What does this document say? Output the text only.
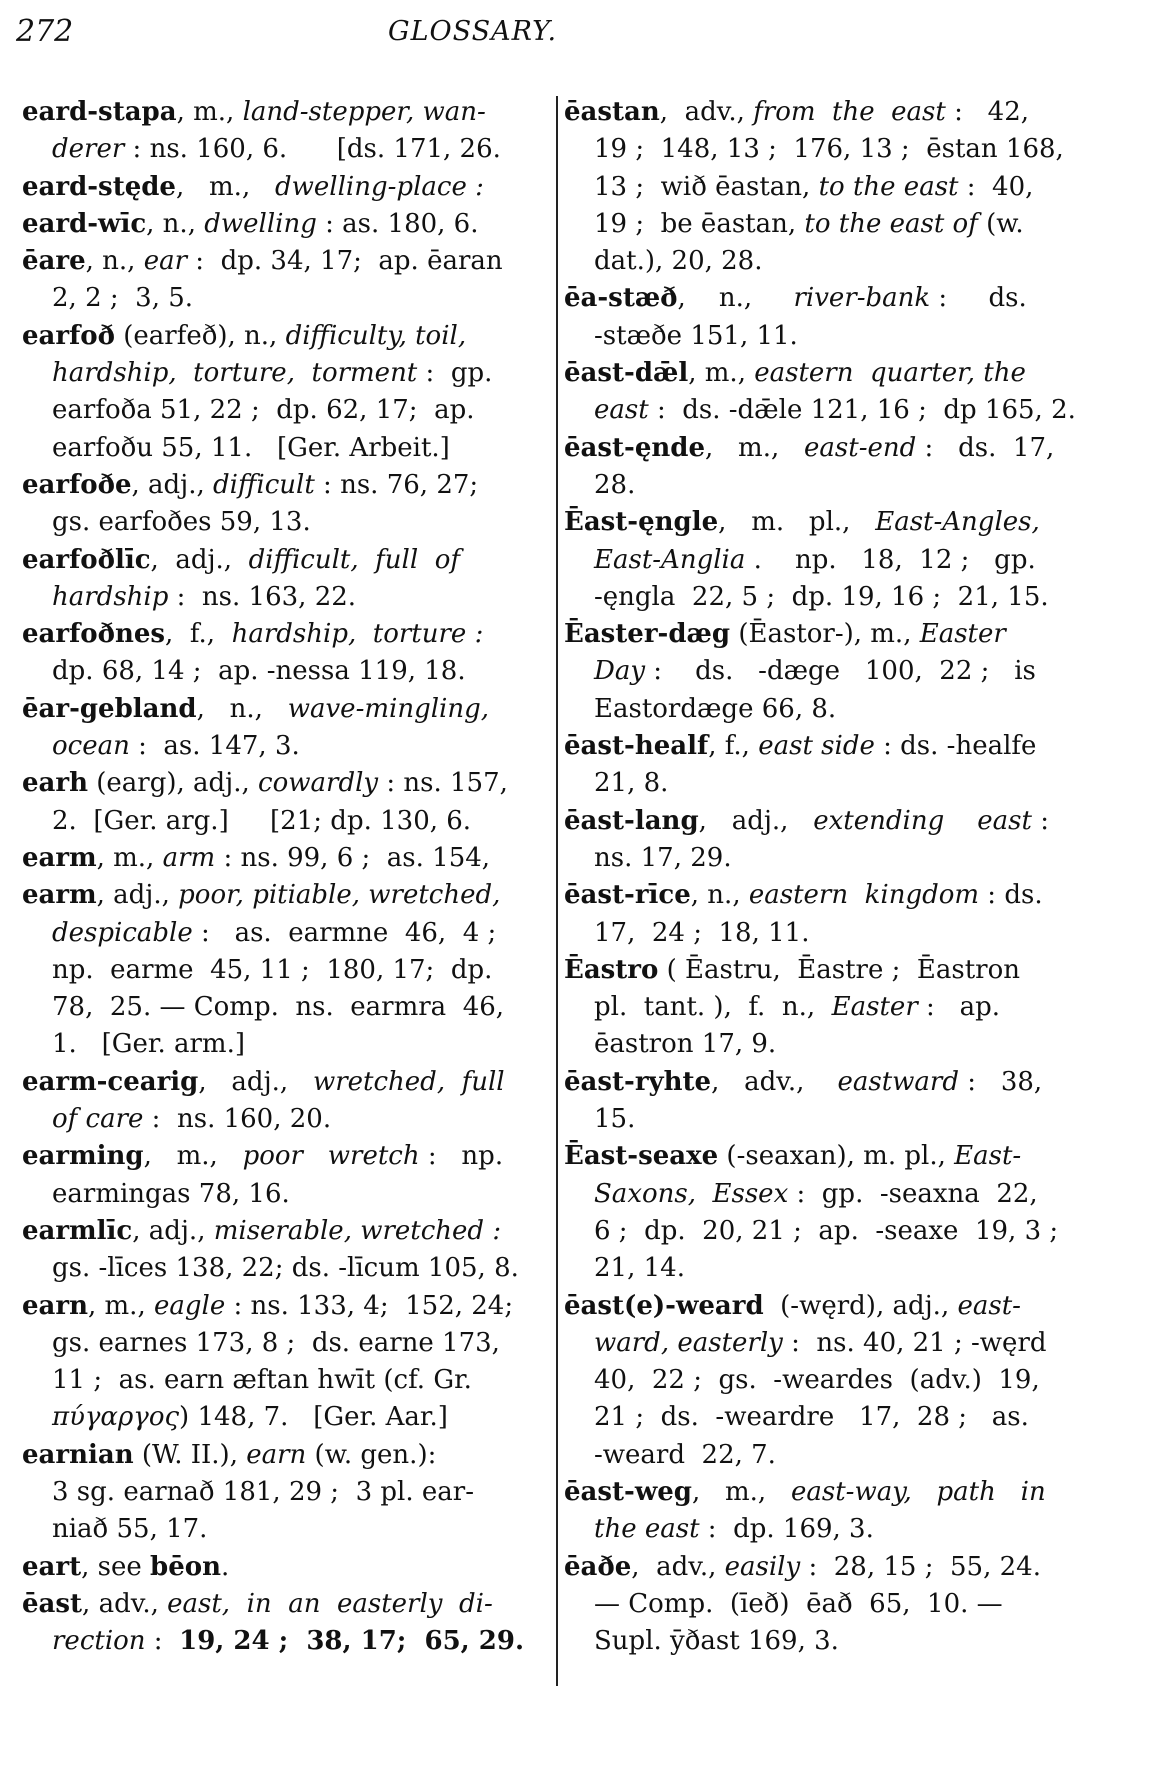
272	GLOSSARY.
eard-stapa, m., land-stepper, wan-
derer : ns. 160, 6.      [ds. 171, 26.
eard-stęde,   m.,   dwelling-place :
eard-wīc, n., dwelling : as. 180, 6.
ēare, n., ear :  dp. 34, 17;  ap. ēaran
2, 2 ;  3, 5.
earfoð (earfeð), n., difficulty, toil,
hardship,  torture,  torment :  gp.
earfoða 51, 22 ;  dp. 62, 17;  ap.
earfoðu 55, 11.   [Ger. Arbeit.]
earfoðe, adj., difficult : ns. 76, 27;
gs. earfoðes 59, 13.
earfoðlīc,  adj.,  difficult,  full  of
hardship :  ns. 163, 22.
earfoðnes,  f.,  hardship,  torture :
dp. 68, 14 ;  ap. -nessa 119, 18.
ēar-gebland,   n.,   wave-mingling,
ocean :  as. 147, 3.
earh (earg), adj., cowardly : ns. 157,
2.  [Ger. arg.]     [21; dp. 130, 6.
earm, m., arm : ns. 99, 6 ;  as. 154,
earm, adj., poor, pitiable, wretched,
despicable :   as.  earmne  46,  4 ;
np.  earme  45, 11 ;  180, 17;  dp.
78,  25. — Comp.  ns.  earmra  46,
1.   [Ger. arm.]
earm-cearig,   adj.,   wretched,  full
of care :  ns. 160, 20.
earming,   m.,   poor   wretch :   np.
earmingas 78, 16.
earmlīc, adj., miserable, wretched :
gs. -līces 138, 22; ds. -līcum 105, 8.
earn, m., eagle : ns. 133, 4;  152, 24;
gs. earnes 173, 8 ;  ds. earne 173,
11 ;  as. earn æftan hwīt (cf. Gr.
πύγαργος) 148, 7.   [Ger. Aar.]
earnian (W. II.), earn (w. gen.):
3 sg. earnað 181, 29 ;  3 pl. ear-
niað 55, 17.
eart, see bēon.
ēast, adv., east,  in  an  easterly  di-
rection :  19, 24 ;  38, 17;  65, 29.
ēastan,  adv., from  the  east :   42,
19 ;  148, 13 ;  176, 13 ;  ēstan 168,
13 ;  wið ēastan, to the east :  40,
19 ;  be ēastan, to the east of (w.
dat.), 20, 28.
ēa-stæð,    n.,     river-bank :     ds.
-stæðe 151, 11.
ēast-dǣl, m., eastern  quarter, the
east :  ds. -dǣle 121, 16 ;  dp 165, 2.
ēast-ęnde,   m.,   east-end :   ds.  17,
28.
Ēast-ęngle,   m.   pl.,   East-Angles,
East-Anglia .    np.   18,  12 ;   gp.
-ęngla  22, 5 ;  dp. 19, 16 ;  21, 15.
Ēaster-dæg (Ēastor-), m., Easter
Day :    ds.   -dæge   100,  22 ;   is
Eastordæge 66, 8.
ēast-healf, f., east side : ds. -healfe
21, 8.
ēast-lang,   adj.,   extending    east :
ns. 17, 29.
ēast-rīce, n., eastern  kingdom : ds.
17,  24 ;  18, 11.
Ēastro ( Ēastru,  Ēastre ;  Ēastron
pl.  tant. ),  f.  n.,  Easter :   ap.
ēastron 17, 9.
ēast-ryhte,   adv.,    eastward :   38,
15.
Ēast-seaxe (-seaxan), m. pl., East-
Saxons,  Essex :  gp.  -seaxna  22,
6 ;  dp.  20, 21 ;  ap.  -seaxe  19, 3 ;
21, 14.
ēast(e)-weard  (-węrd), adj., east-
ward, easterly :  ns. 40, 21 ; -węrd
40,  22 ;  gs.  -weardes  (adv.)  19,
21 ;  ds.  -weardre   17,  28 ;   as.
-weard  22, 7.
ēast-weg,   m.,   east-way,   path   in
the east :  dp. 169, 3.
ēaðe,  adv., easily :  28, 15 ;  55, 24.
— Comp.  (īeð)  ēað  65,  10. —
Supl. ȳðast 169, 3.
